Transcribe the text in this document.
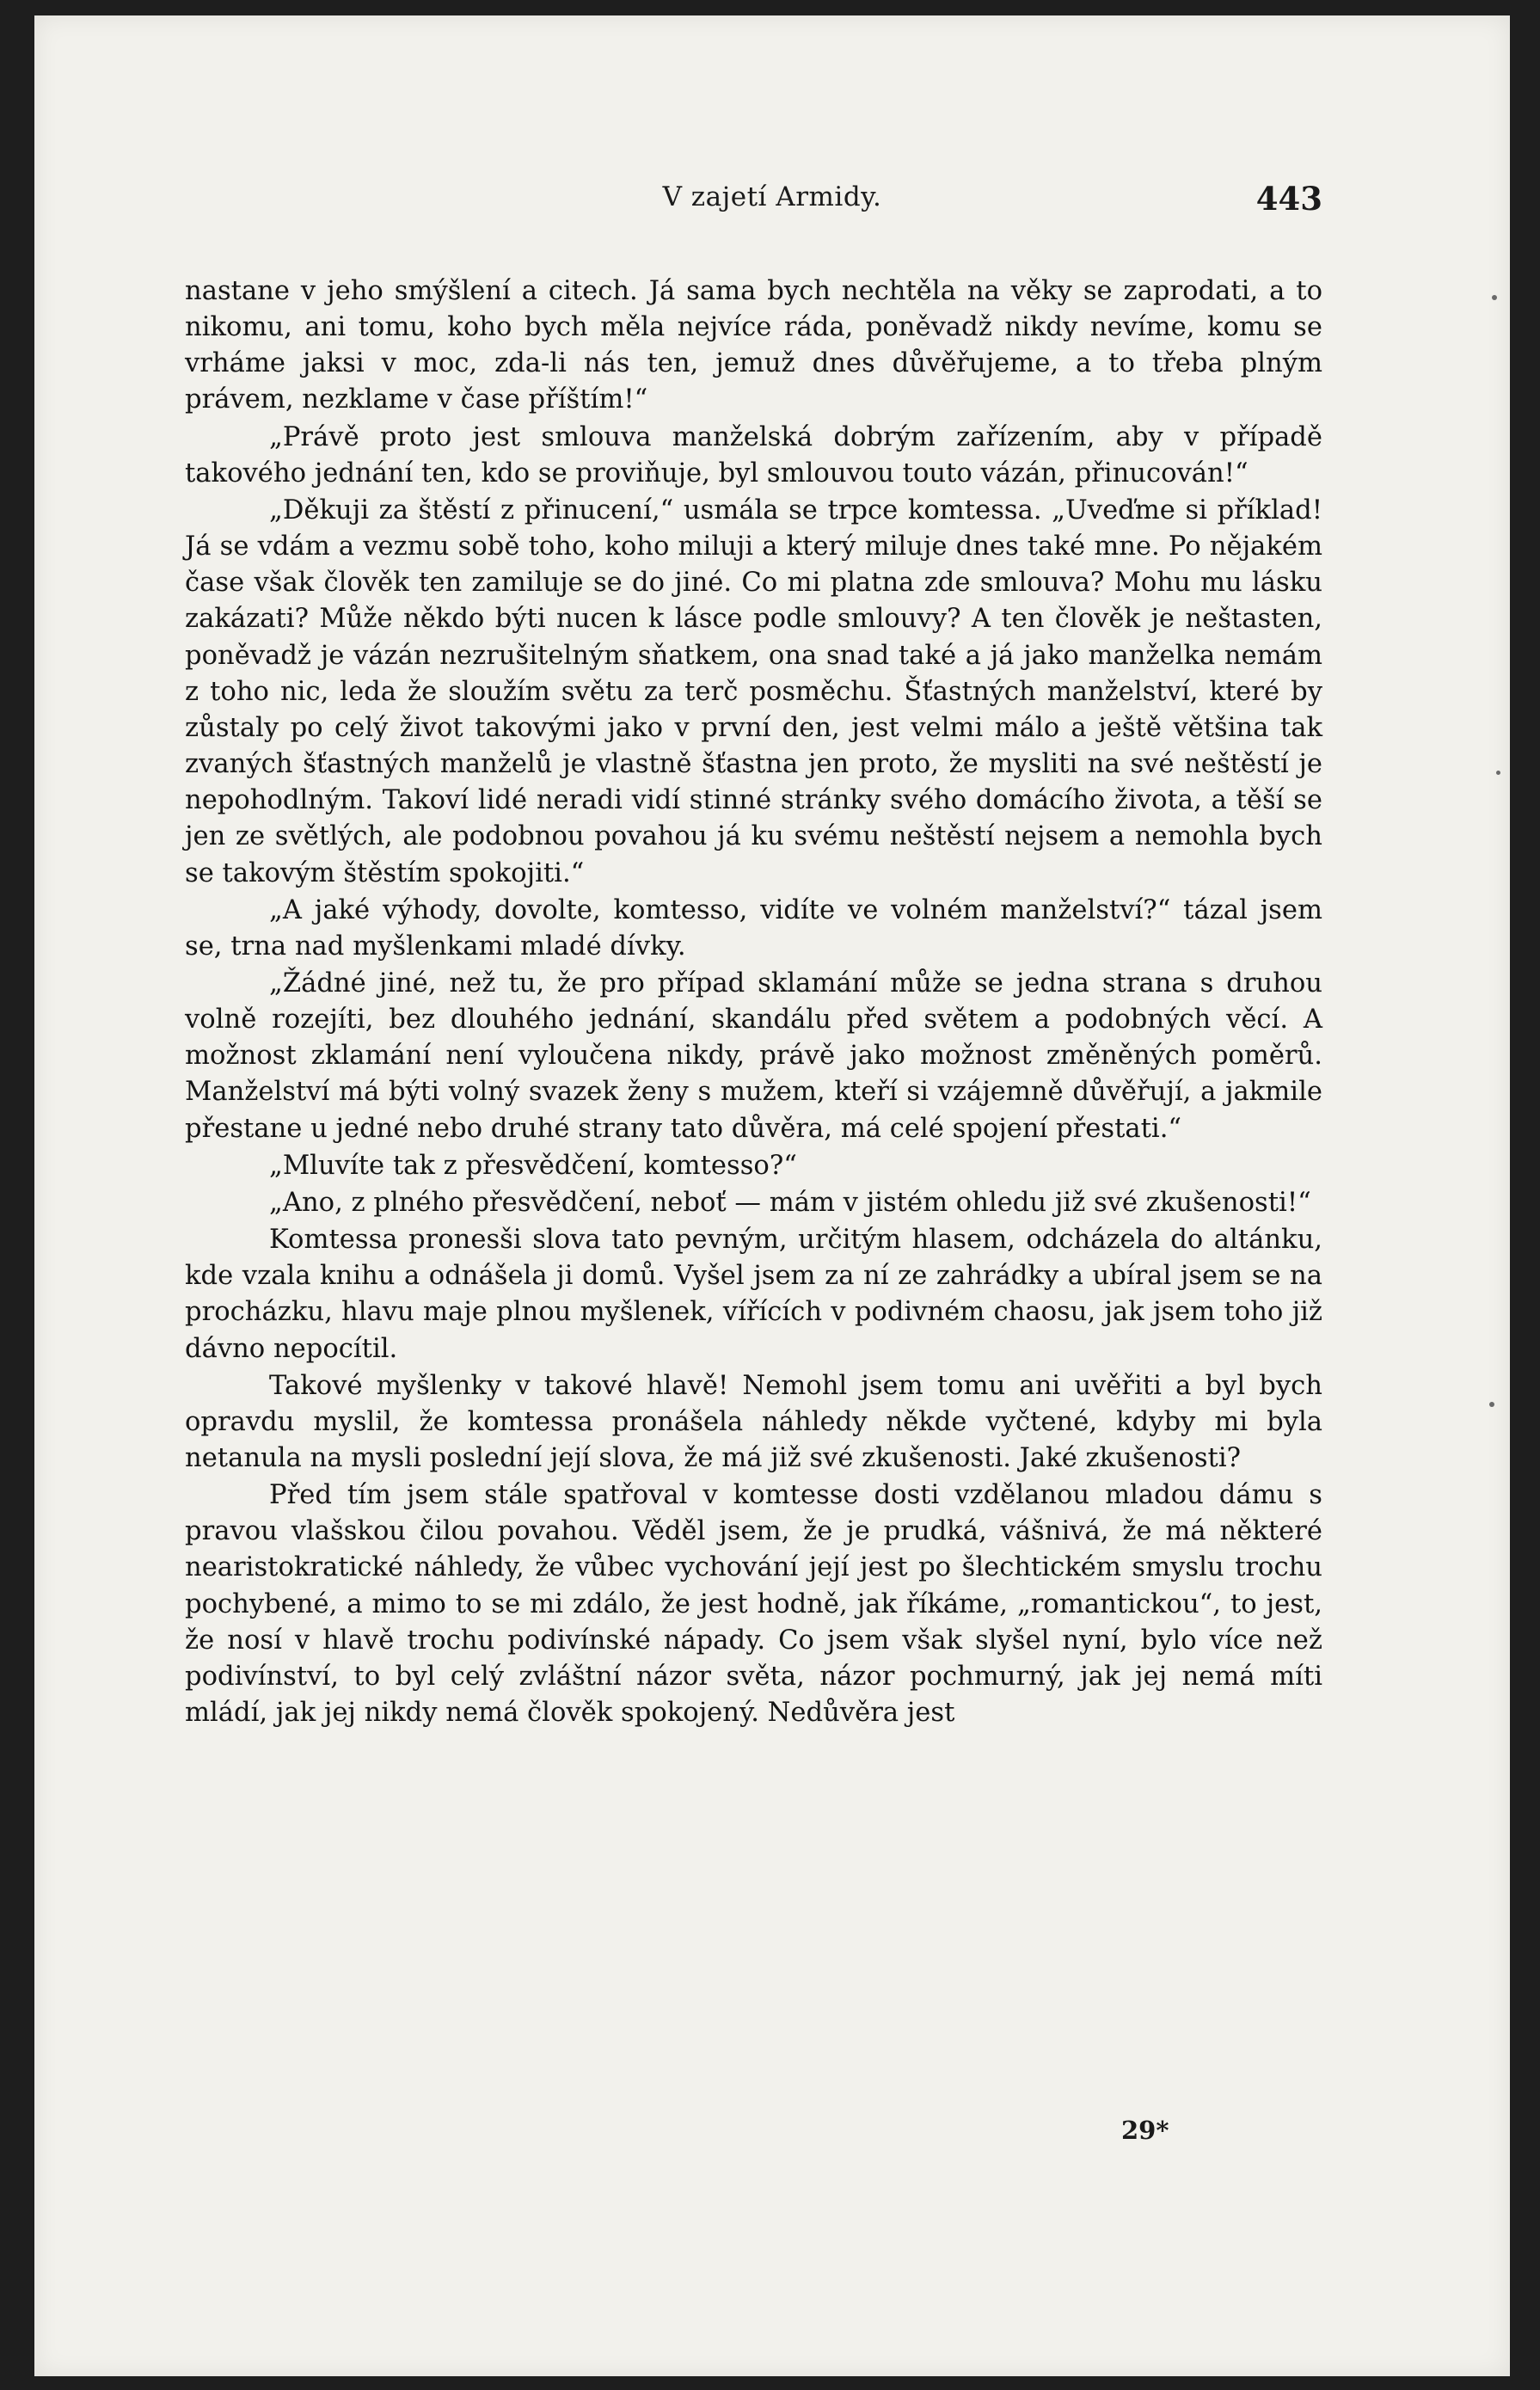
V zajetí Armidy.	443

nastane v jeho smýšlení a citech. Já sama bych nechtěla na věky se zaprodati, a to nikomu, ani tomu, koho bych měla nejvíce ráda, poněvadž nikdy nevíme, komu se vrháme jaksi v moc, zda-li nás ten, jemuž dnes důvěřujeme, a to třeba plným právem, nezklame v čase příštím!“

„Právě proto jest smlouva manželská dobrým zařízením, aby v případě takového jednání ten, kdo se proviňuje, byl smlouvou touto vázán, přinucován!“

„Děkuji za štěstí z přinucení,“ usmála se trpce komtessa. „Uveďme si příklad! Já se vdám a vezmu sobě toho, koho miluji a který miluje dnes také mne. Po nějakém čase však člověk ten zamiluje se do jiné. Co mi platna zde smlouva? Mohu mu lásku zakázati? Může někdo býti nucen k lásce podle smlouvy? A ten člověk je neštasten, poněvadž je vázán nezrušitelným sňatkem, ona snad také a já jako manželka nemám z toho nic, leda že sloužím světu za terč posměchu. Šťastných manželství, které by zůstaly po celý život takovými jako v první den, jest velmi málo a ještě většina tak zvaných šťastných manželů je vlastně šťastna jen proto, že mysliti na své neštěstí je nepohodlným. Takoví lidé neradi vidí stinné stránky svého domácího života, a těší se jen ze světlých, ale podobnou povahou já ku svému neštěstí nejsem a nemohla bych se takovým štěstím spokojiti.“

„A jaké výhody, dovolte, komtesso, vidíte ve volném manželství?“ tázal jsem se, trna nad myšlenkami mladé dívky.

„Žádné jiné, než tu, že pro případ sklamání může se jedna strana s druhou volně rozejíti, bez dlouhého jednání, skandálu před světem a podobných věcí. A možnost zklamání není vyloučena nikdy, právě jako možnost změněných poměrů. Manželství má býti volný svazek ženy s mužem, kteří si vzájemně důvěřují, a jakmile přestane u jedné nebo druhé strany tato důvěra, má celé spojení přestati.“

„Mluvíte tak z přesvědčení, komtesso?“

„Ano, z plného přesvědčení, neboť — mám v jistém ohledu již své zkušenosti!“

Komtessa pronesši slova tato pevným, určitým hlasem, odcházela do altánku, kde vzala knihu a odnášela ji domů. Vyšel jsem za ní ze zahrádky a ubíral jsem se na procházku, hlavu maje plnou myšlenek, vířících v podivném chaosu, jak jsem toho již dávno nepocítil.

Takové myšlenky v takové hlavě! Nemohl jsem tomu ani uvěřiti a byl bych opravdu myslil, že komtessa pronášela náhledy někde vyčtené, kdyby mi byla netanula na mysli poslední její slova, že má již své zkušenosti. Jaké zkušenosti?

Před tím jsem stále spatřoval v komtesse dosti vzdělanou mladou dámu s pravou vlašskou čilou povahou. Věděl jsem, že je prudká, vášnivá, že má některé nearistokratické náhledy, že vůbec vychování její jest po šlechtickém smyslu trochu pochybené, a mimo to se mi zdálo, že jest hodně, jak říkáme, „romantickou“, to jest, že nosí v hlavě trochu podivínské nápady. Co jsem však slyšel nyní, bylo více než podivínství, to byl celý zvláštní názor světa, názor pochmurný, jak jej nemá míti mládí, jak jej nikdy nemá člověk spokojený. Nedůvěra jest

29*
